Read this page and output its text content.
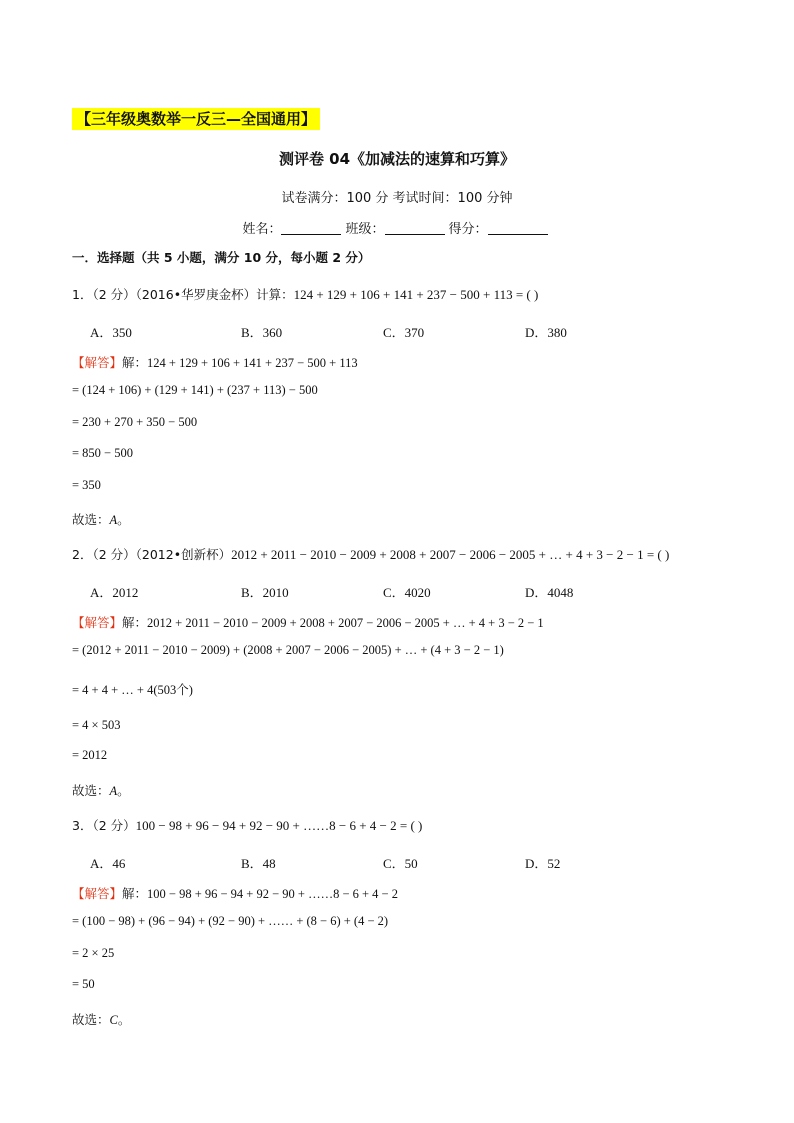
【三年级奥数举一反三—全国通用】
测评卷 04《加减法的速算和巧算》
试卷满分：100 分 考试时间：100 分钟
姓名：	班级：	得分：
一．选择题（共 5 小题，满分 10 分，每小题 2 分）
1．（2 分）（2016•华罗庚金杯）计算：124 + 129 + 106 + 141 + 237 − 500 + 113 = ( )
A．350	B．360	C．370	D．380
【解答】解：124 + 129 + 106 + 141 + 237 − 500 + 113
= (124 + 106) + (129 + 141) + (237 + 113) − 500
= 230 + 270 + 350 − 500
= 850 − 500
= 350
故选：A。
2．（2 分）（2012•创新杯）2012 + 2011 − 2010 − 2009 + 2008 + 2007 − 2006 − 2005 + … + 4 + 3 − 2 − 1 = ( )
A．2012	B．2010	C．4020	D．4048
【解答】解：2012 + 2011 − 2010 − 2009 + 2008 + 2007 − 2006 − 2005 + … + 4 + 3 − 2 − 1
= (2012 + 2011 − 2010 − 2009) + (2008 + 2007 − 2006 − 2005) + … + (4 + 3 − 2 − 1)
= 4 + 4 + … + 4(503个)
= 4 × 503
= 2012
故选：A。
3．（2 分）100 − 98 + 96 − 94 + 92 − 90 + ……8 − 6 + 4 − 2 = ( )
A．46	B．48	C．50	D．52
【解答】解：100 − 98 + 96 − 94 + 92 − 90 + ……8 − 6 + 4 − 2
= (100 − 98) + (96 − 94) + (92 − 90) + …… + (8 − 6) + (4 − 2)
= 2 × 25
= 50
故选：C。
